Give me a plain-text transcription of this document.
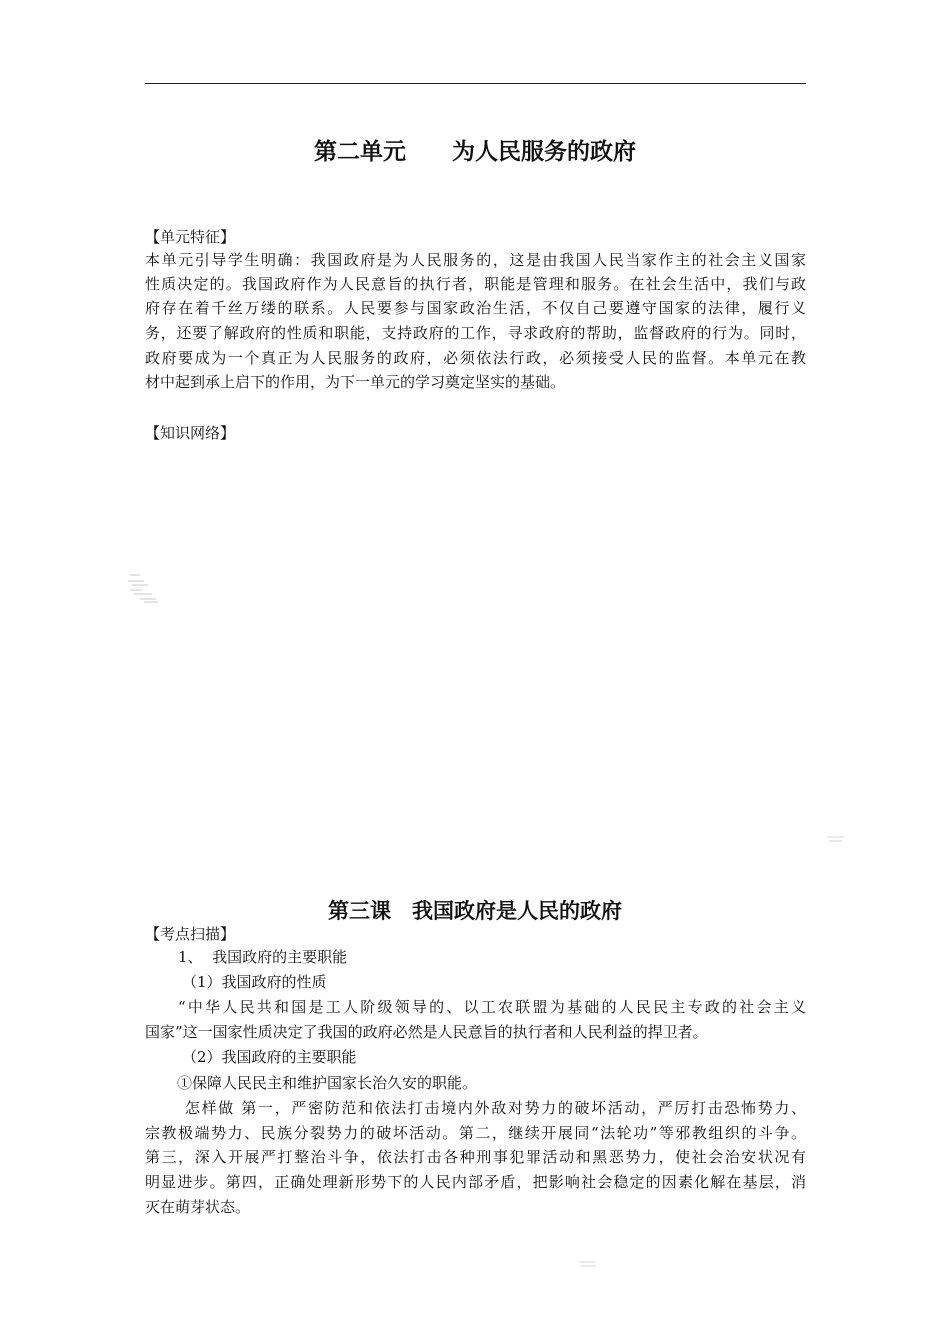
第二单元　　为人民服务的政府
【单元特征】
本单元引导学生明确：我国政府是为人民服务的，这是由我国人民当家作主的社会主义国家
性质决定的。我国政府作为人民意旨的执行者，职能是管理和服务。在社会生活中，我们与政
府存在着千丝万缕的联系。人民要参与国家政治生活，不仅自己要遵守国家的法律，履行义
务，还要了解政府的性质和职能，支持政府的工作，寻求政府的帮助，监督政府的行为。同时，
政府要成为一个真正为人民服务的政府，必须依法行政，必须接受人民的监督。本单元在教
材中起到承上启下的作用，为下一单元的学习奠定坚实的基础。
【知识网络】
第三课　我国政府是人民的政府
【考点扫描】
1、  我国政府的主要职能
（1）我国政府的性质
“中华人民共和国是工人阶级领导的、以工农联盟为基础的人民民主专政的社会主义
国家”这一国家性质决定了我国的政府必然是人民意旨的执行者和人民利益的捍卫者。
（2）我国政府的主要职能
①保障人民民主和维护国家长治久安的职能。
怎样做 第一，严密防范和依法打击境内外敌对势力的破坏活动，严厉打击恐怖势力、
宗教极端势力、民族分裂势力的破坏活动。第二，继续开展同“法轮功”等邪教组织的斗争。
第三，深入开展严打整治斗争，依法打击各种刑事犯罪活动和黑恶势力，使社会治安状况有
明显进步。第四，正确处理新形势下的人民内部矛盾，把影响社会稳定的因素化解在基层，消
灭在萌芽状态。
